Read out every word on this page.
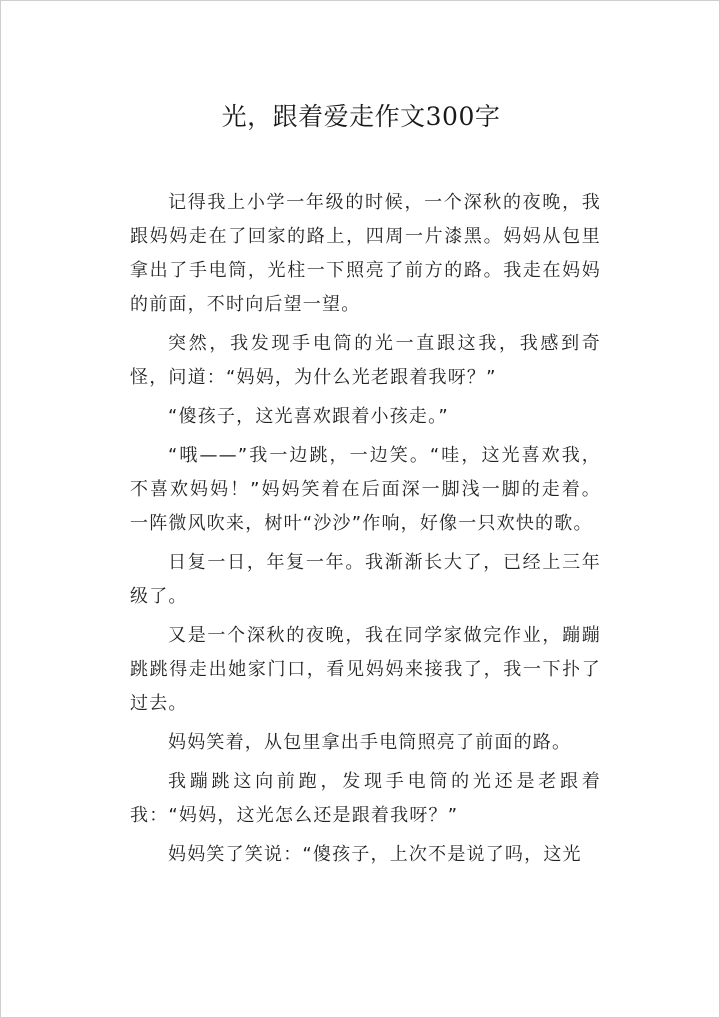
光，跟着爱走作文300字

记得我上小学一年级的时候，一个深秋的夜晚，我跟妈妈走在了回家的路上，四周一片漆黑。妈妈从包里拿出了手电筒，光柱一下照亮了前方的路。我走在妈妈的前面，不时向后望一望。

突然，我发现手电筒的光一直跟这我，我感到奇怪，问道：“妈妈，为什么光老跟着我呀？”

“傻孩子，这光喜欢跟着小孩走。”

“哦——”我一边跳，一边笑。“哇，这光喜欢我，不喜欢妈妈！”妈妈笑着在后面深一脚浅一脚的走着。一阵微风吹来，树叶“沙沙”作响，好像一只欢快的歌。

日复一日，年复一年。我渐渐长大了，已经上三年级了。

又是一个深秋的夜晚，我在同学家做完作业，蹦蹦跳跳得走出她家门口，看见妈妈来接我了，我一下扑了过去。

妈妈笑着，从包里拿出手电筒照亮了前面的路。

我蹦跳这向前跑，发现手电筒的光还是老跟着我：“妈妈，这光怎么还是跟着我呀？”

妈妈笑了笑说：“傻孩子，上次不是说了吗，这光
